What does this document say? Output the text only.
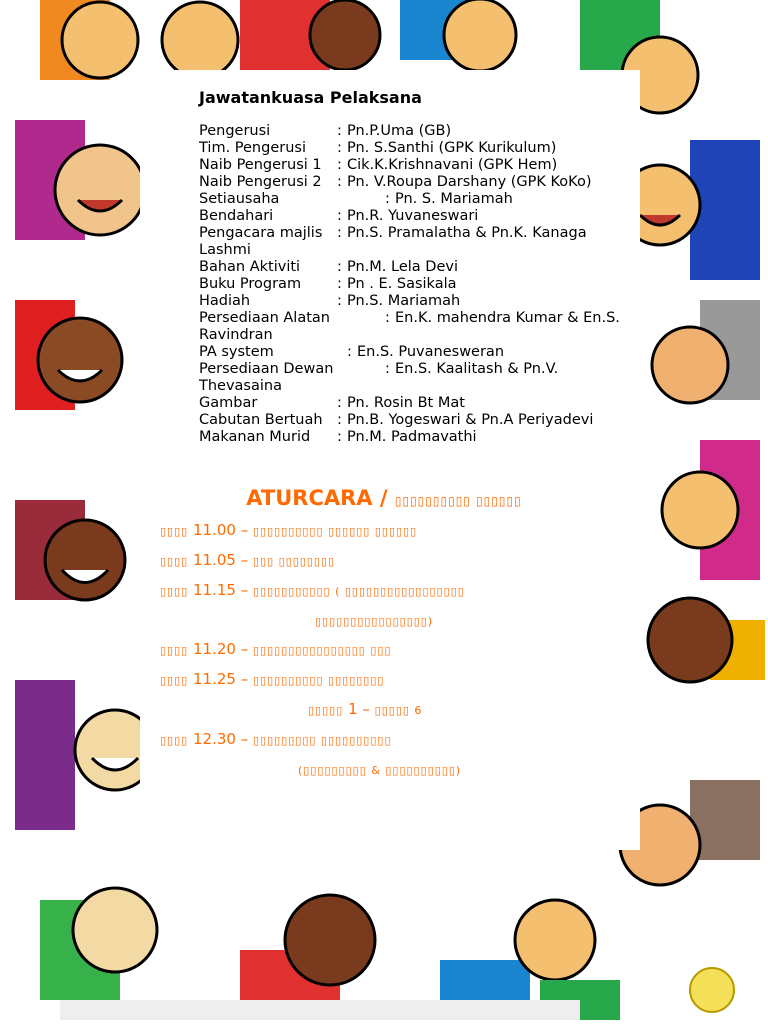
Jawatankuasa Pelaksana
Pengerusi	: Pn.P.Uma (GB)
Tim. Pengerusi	: Pn. S.Santhi (GPK Kurikulum)
Naib Pengerusi 1	: Cik.K.Krishnavani (GPK Hem)
Naib Pengerusi 2	: Pn. V.Roupa Darshany (GPK KoKo)
Setiausaha	: Pn. S. Mariamah
Bendahari	: Pn.R. Yuvaneswari
Pengacara majlis	: Pn.S. Pramalatha & Pn.K. Kanaga
Lashmi
Bahan Aktiviti	: Pn.M. Lela Devi
Buku Program	: Pn . E. Sasikala
Hadiah	: Pn.S. Mariamah
Persediaan Alatan	: En.K. mahendra Kumar & En.S.
Ravindran
PA system	: En.S. Puvanesweran
Persediaan Dewan	: En.S. Kaalitash & Pn.V.
Thevasaina
Gambar	: Pn. Rosin Bt Mat
Cabutan Bertuah : Pn.B. Yogeswari & Pn.A Periyadevi
Makanan Murid	: Pn.M. Padmavathi
ATURCARA / ▯▯▯▯▯▯▯▯▯▯ ▯▯▯▯▯▯
▯▯▯▯ 11.00 – ▯▯▯▯▯▯▯▯▯▯ ▯▯▯▯▯▯ ▯▯▯▯▯▯
▯▯▯▯ 11.05 – ▯▯▯ ▯▯▯▯▯▯▯▯
▯▯▯▯ 11.15 – ▯▯▯▯▯▯▯▯▯▯▯ ( ▯▯▯▯▯▯▯▯▯▯▯▯▯▯▯▯▯
▯▯▯▯▯▯▯▯▯▯▯▯▯▯▯▯)
▯▯▯▯ 11.20 – ▯▯▯▯▯▯▯▯▯▯▯▯▯▯▯▯ ▯▯▯
▯▯▯▯ 11.25 – ▯▯▯▯▯▯▯▯▯▯ ▯▯▯▯▯▯▯▯
▯▯▯▯▯ 1 – ▯▯▯▯▯ 6
▯▯▯▯ 12.30 – ▯▯▯▯▯▯▯▯▯ ▯▯▯▯▯▯▯▯▯▯
(▯▯▯▯▯▯▯▯▯ & ▯▯▯▯▯▯▯▯▯▯)
